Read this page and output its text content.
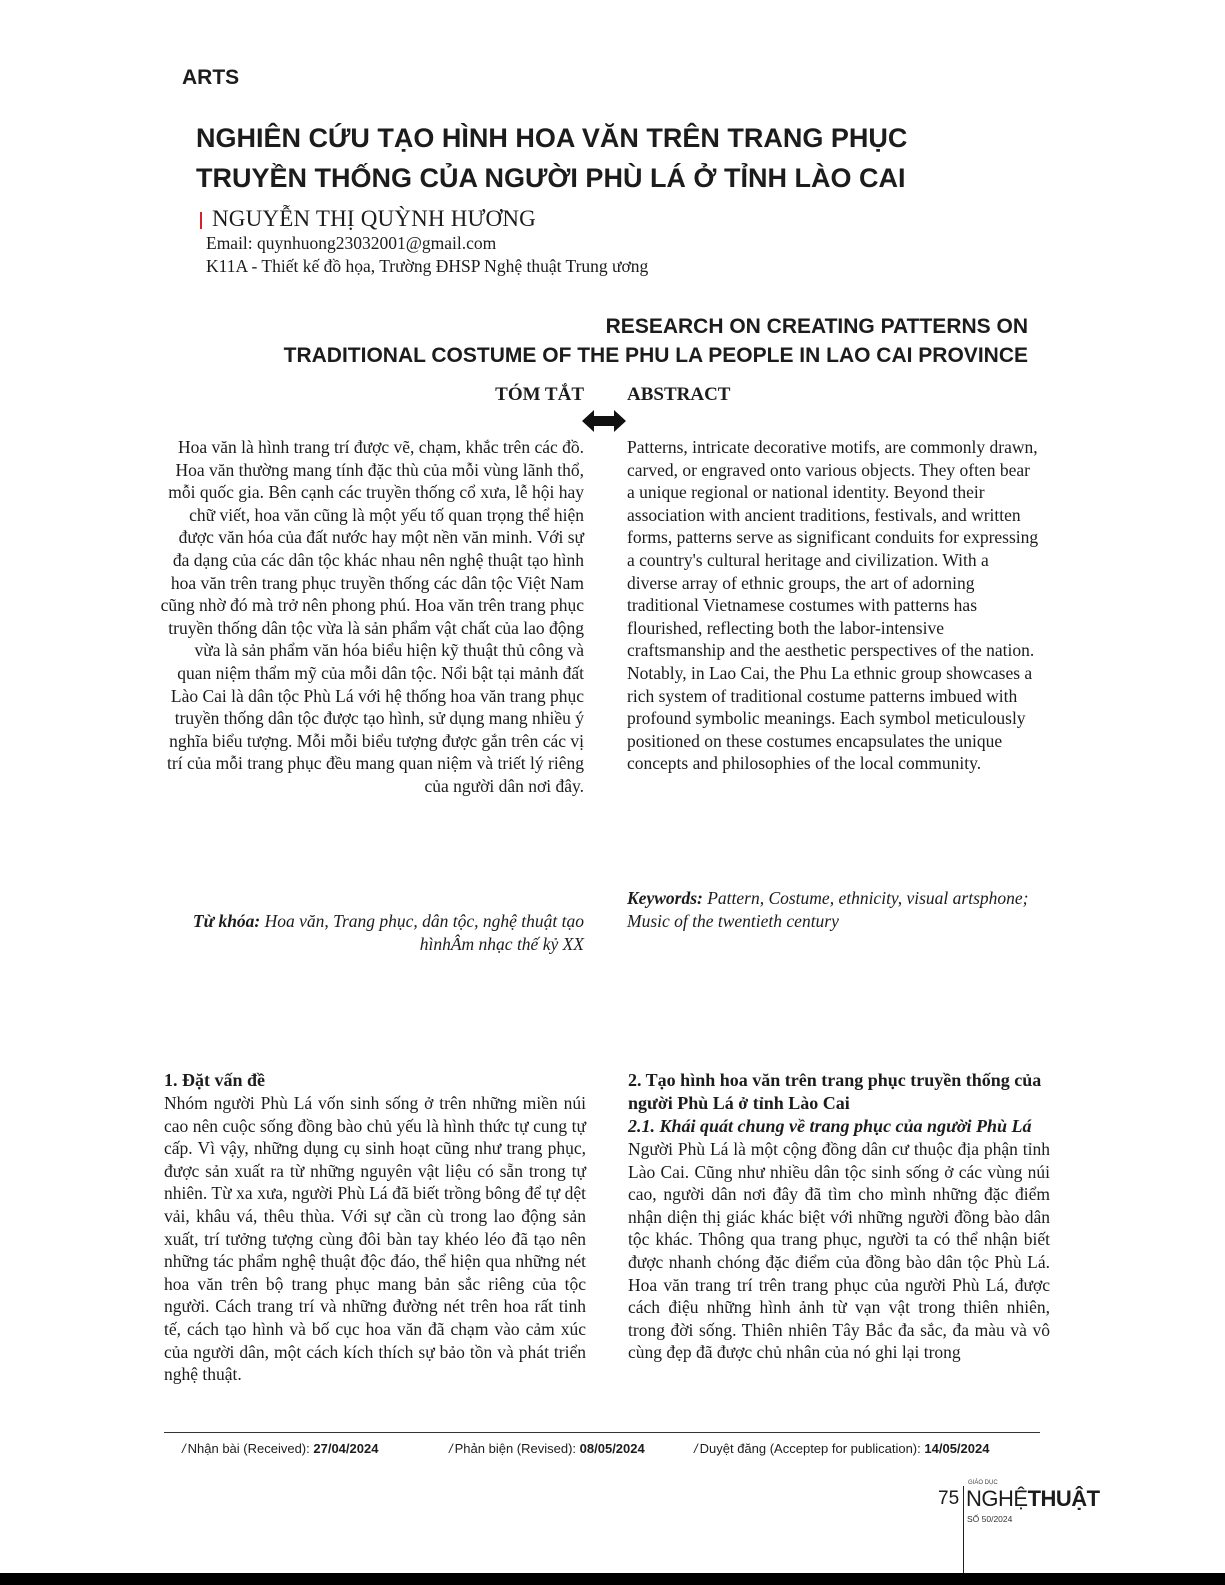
ARTS
NGHIÊN CỨU TẠO HÌNH HOA VĂN TRÊN TRANG PHỤC
TRUYỀN THỐNG CỦA NGƯỜI PHÙ LÁ Ở TỈNH LÀO CAI
NGUYỄN THỊ QUỲNH HƯƠNG
Email: quynhuong23032001@gmail.com
K11A - Thiết kế đồ họa, Trường ĐHSP Nghệ thuật Trung ương
RESEARCH ON CREATING PATTERNS ON
TRADITIONAL COSTUME OF THE PHU LA PEOPLE IN LAO CAI PROVINCE
TÓM TẮT ABSTRACT

Hoa văn là hình trang trí được vẽ, chạm, khắc trên các đồ. Hoa văn thường mang tính đặc thù của mỗi vùng lãnh thổ, mỗi quốc gia. Bên cạnh các truyền thống cổ xưa, lễ hội hay chữ viết, hoa văn cũng là một yếu tố quan trọng thể hiện được văn hóa của đất nước hay một nền văn minh. Với sự đa dạng của các dân tộc khác nhau nên nghệ thuật tạo hình hoa văn trên trang phục truyền thống các dân tộc Việt Nam cũng nhờ đó mà trở nên phong phú. Hoa văn trên trang phục truyền thống dân tộc vừa là sản phẩm vật chất của lao động vừa là sản phẩm văn hóa biểu hiện kỹ thuật thủ công và quan niệm thẩm mỹ của mỗi dân tộc. Nổi bật tại mảnh đất Lào Cai là dân tộc Phù Lá với hệ thống hoa văn trang phục truyền thống dân tộc được tạo hình, sử dụng mang nhiều ý nghĩa biểu tượng. Mỗi mỗi biểu tượng được gắn trên các vị trí của mỗi trang phục đều mang quan niệm và triết lý riêng của người dân nơi đây.

Patterns, intricate decorative motifs, are commonly drawn, carved, or engraved onto various objects. They often bear a unique regional or national identity. Beyond their association with ancient traditions, festivals, and written forms, patterns serve as significant conduits for expressing a country's cultural heritage and civilization. With a diverse array of ethnic groups, the art of adorning traditional Vietnamese costumes with patterns has flourished, reflecting both the labor-intensive craftsmanship and the aesthetic perspectives of the nation. Notably, in Lao Cai, the Phu La ethnic group showcases a rich system of traditional costume patterns imbued with profound symbolic meanings. Each symbol meticulously positioned on these costumes encapsulates the unique concepts and philosophies of the local community.

Từ khóa: Hoa văn, Trang phục, dân tộc, nghệ thuật tạo hìnhÂm nhạc thế kỷ XX
Keywords: Pattern, Costume, ethnicity, visual artsphone; Music of the twentieth century
1. Đặt vấn đề

Nhóm người Phù Lá vốn sinh sống ở trên những miền núi cao nên cuộc sống đồng bào chủ yếu là hình thức tự cung tự cấp. Vì vậy, những dụng cụ sinh hoạt cũng như trang phục, được sản xuất ra từ những nguyên vật liệu có sẵn trong tự nhiên. Từ xa xưa, người Phù Lá đã biết trồng bông để tự dệt vải, khâu vá, thêu thùa. Với sự cần cù trong lao động sản xuất, trí tưởng tượng cùng đôi bàn tay khéo léo đã tạo nên những tác phẩm nghệ thuật độc đáo, thể hiện qua những nét hoa văn trên bộ trang phục mang bản sắc riêng của tộc người. Cách trang trí và những đường nét trên hoa rất tinh tế, cách tạo hình và bố cục hoa văn đã chạm vào cảm xúc của người dân, một cách kích thích sự bảo tồn và phát triển nghệ thuật.

2. Tạo hình hoa văn trên trang phục truyền thống của người Phù Lá ở tỉnh Lào Cai
2.1. Khái quát chung về trang phục của người Phù Lá

Người Phù Lá là một cộng đồng dân cư thuộc địa phận tỉnh Lào Cai. Cũng như nhiều dân tộc sinh sống ở các vùng núi cao, người dân nơi đây đã tìm cho mình những đặc điểm nhận diện thị giác khác biệt với những người đồng bào dân tộc khác. Thông qua trang phục, người ta có thể nhận biết được nhanh chóng đặc điểm của đồng bào dân tộc Phù Lá. Hoa văn trang trí trên trang phục của người Phù Lá, được cách điệu những hình ảnh từ vạn vật trong thiên nhiên, trong đời sống. Thiên nhiên Tây Bắc đa sắc, đa màu và vô cùng đẹp đã được chủ nhân của nó ghi lại trong

/ Nhận bài (Received): 27/04/2024	/ Phản biện (Revised): 08/05/2024	/ Duyệt đăng (Acceptep for publication): 14/05/2024
75
GIÁO DỤC
NGHỆTHUẬT
SỐ 50/2024
